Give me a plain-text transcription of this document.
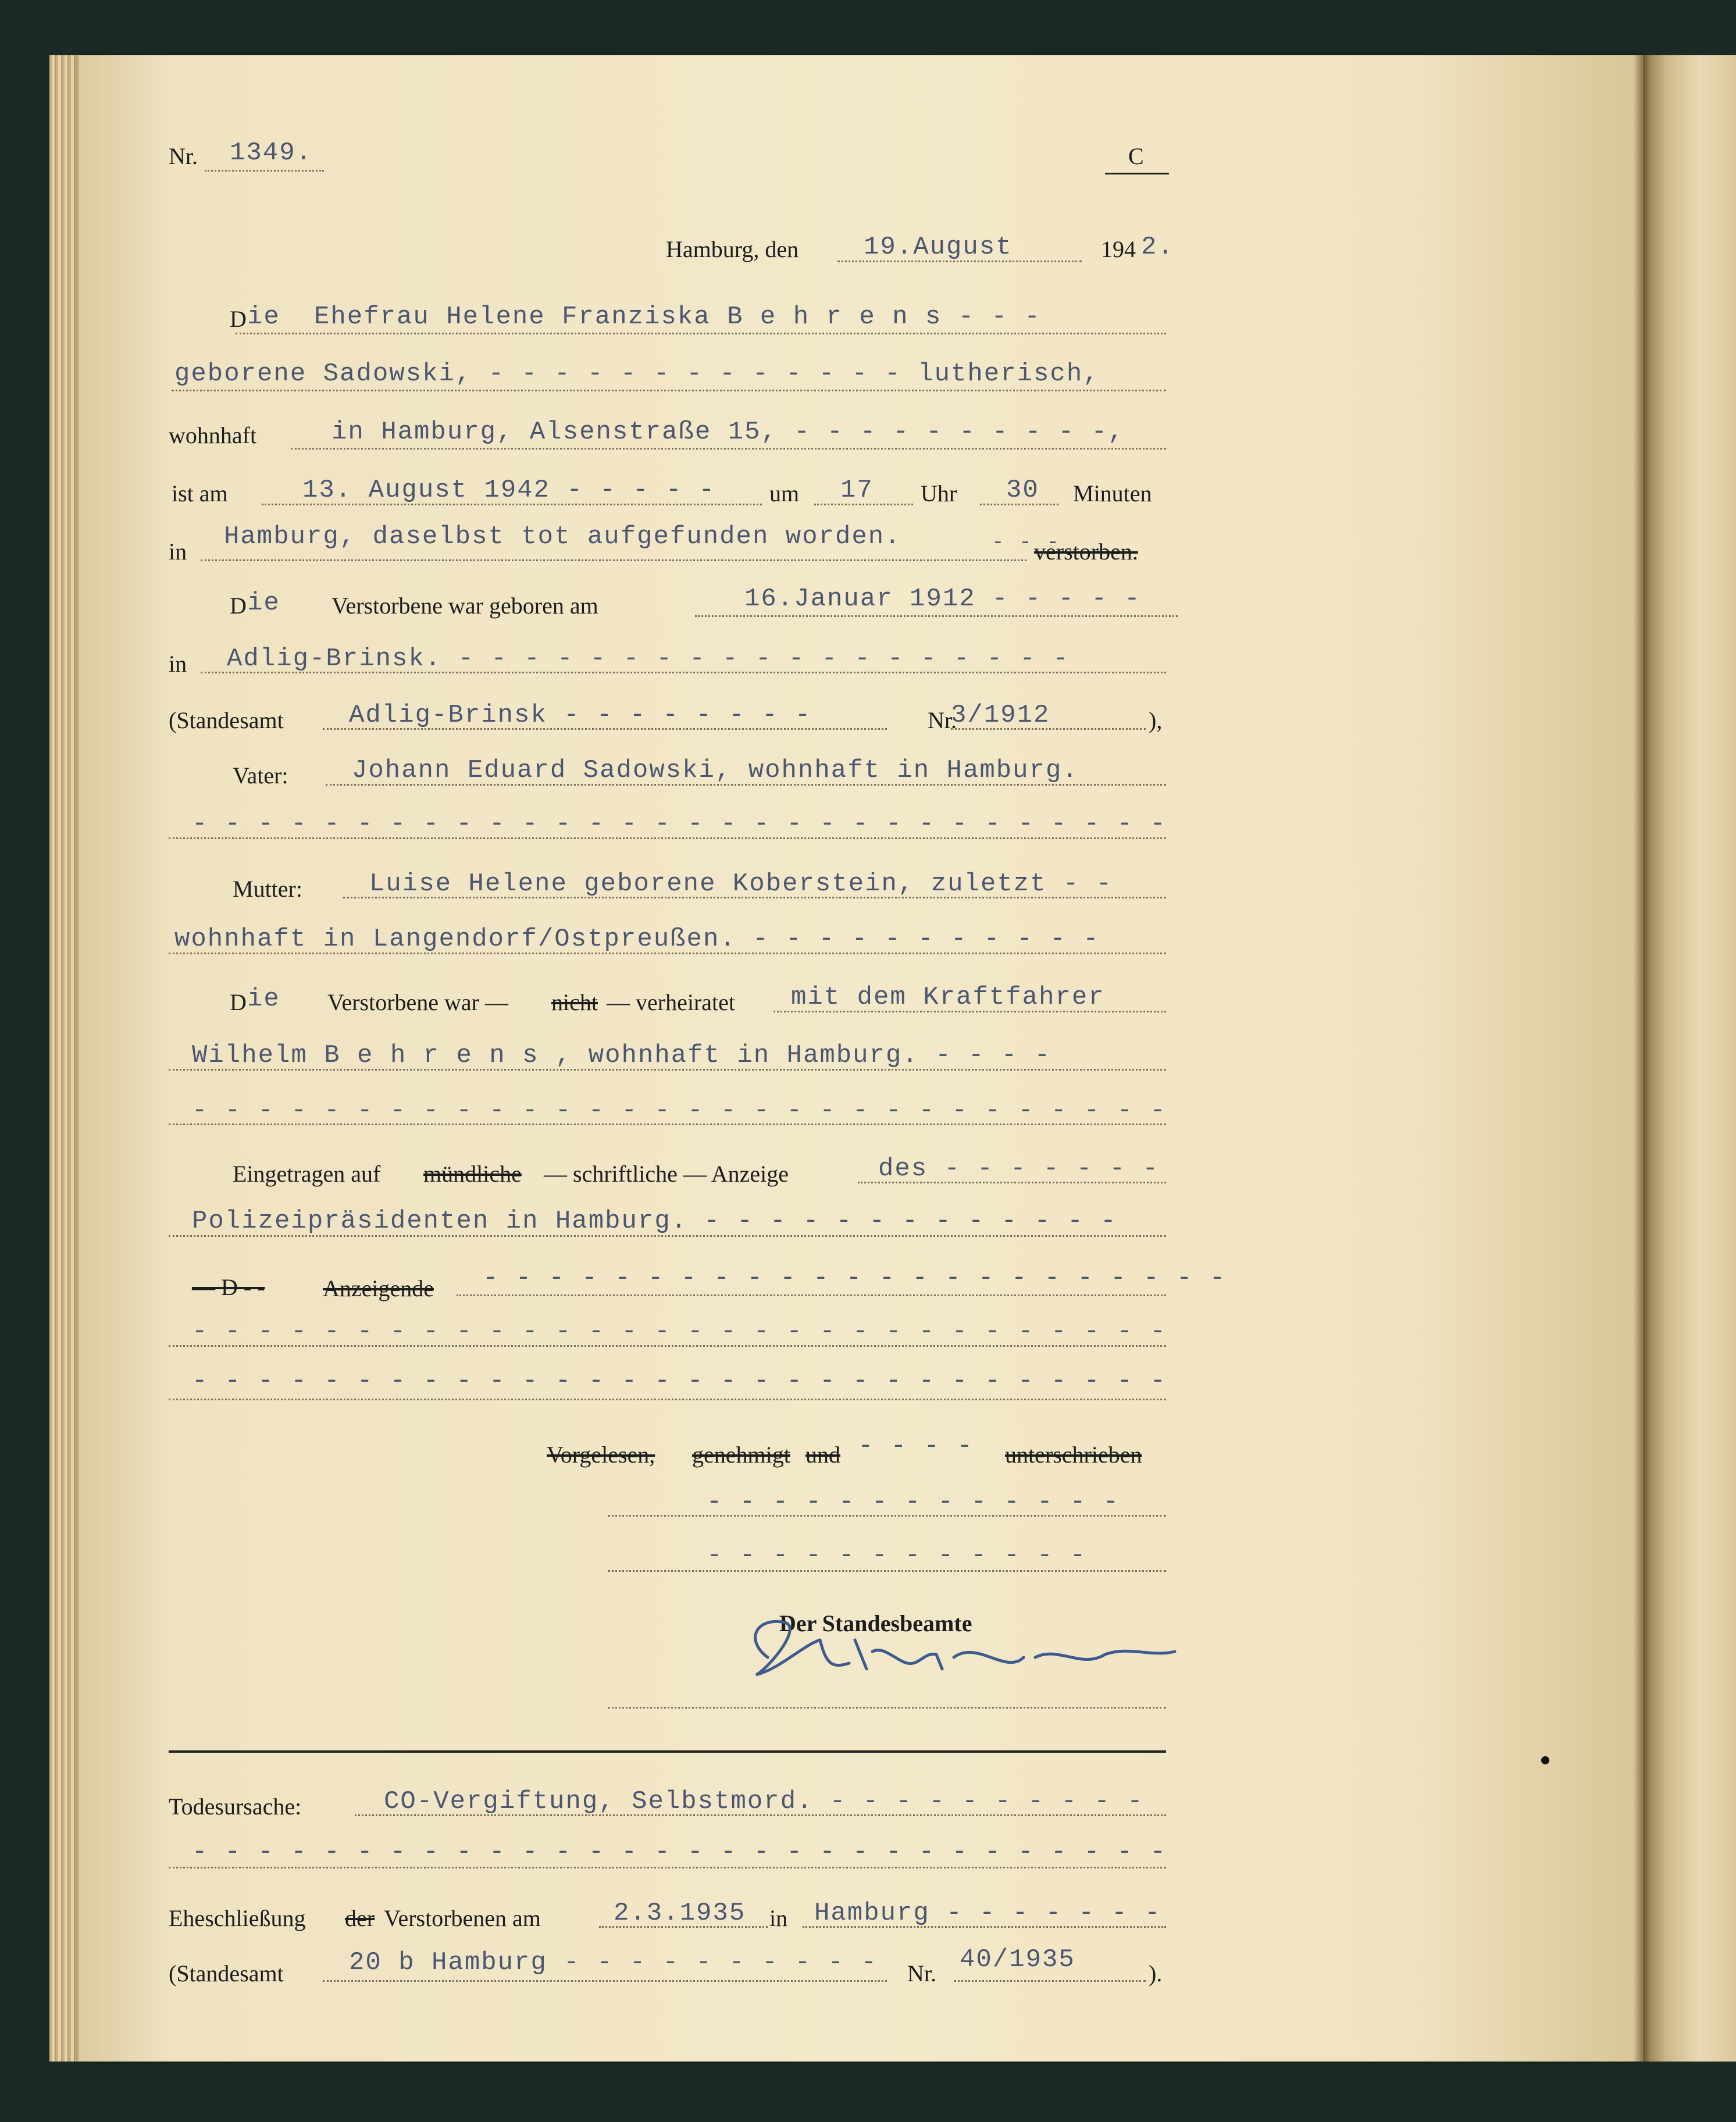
Nr. 1349.	C
Hamburg, den	19.August	194 2.
D ie Ehefrau Helene Franziska B e h r e n s - - -
geborene Sadowski, - - - - - - - - - - - - - lutherisch,
wohnhaft	in Hamburg, Alsenstraße 15, - - - - - - - - - -,
ist am	13. August 1942 - - - - - um 17 Uhr 30 Minuten
in
Hamburg, daselbst tot aufgefunden worden.	- - -
verstorben.
D ie Verstorbene war geboren am	16.Januar 1912 - - - - -
in Adlig-Brinsk. - - - - - - - - - - - - - - - - - - -
(Standesamt	Adlig-Brinsk - - - - - - - -	Nr.
3/1912	),
Vater: Johann Eduard Sadowski, wohnhaft in Hamburg.
- - - - - - - - - - - - - - - - - - - - - - - - - - - - - -
Mutter:	Luise Helene geborene Koberstein, zuletzt - -
wohnhaft in Langendorf/Ostpreußen. - - - - - - - - - - -
D ie Verstorbene war — nicht — verheiratet mit dem Kraftfahrer
Wilhelm B e h r e n s , wohnhaft in Hamburg. - - - -
- - - - - - - - - - - - - - - - - - - - - - - - - - - - - -
Eingetragen auf mündliche — schriftliche — Anzeige	des - - - - - - -
Polizeipräsidenten in Hamburg. - - - - - - - - - - - - -
— D - - Anzeigende - - - - - - - - - - - - - - - - - - - - - - -
- - - - - - - - - - - - - - - - - - - - - - - - - - - - - -
- - - - - - - - - - - - - - - - - - - - - - - - - - - - - -
Vorgelesen, genehmigt und - - - - unterschrieben
- - - - - - - - - - - - -
- - - - - - - - - - - -
Der Standesbeamte
Todesursache:	CO-Vergiftung, Selbstmord. - - - - - - - - - -
- - - - - - - - - - - - - - - - - - - - - - - - - - - - - -
Eheschließung der Verstorbenen am	2.3.1935 in Hamburg - - - - - - -
(Standesamt	20 b Hamburg - - - - - - - - - - Nr. 40/1935	).
